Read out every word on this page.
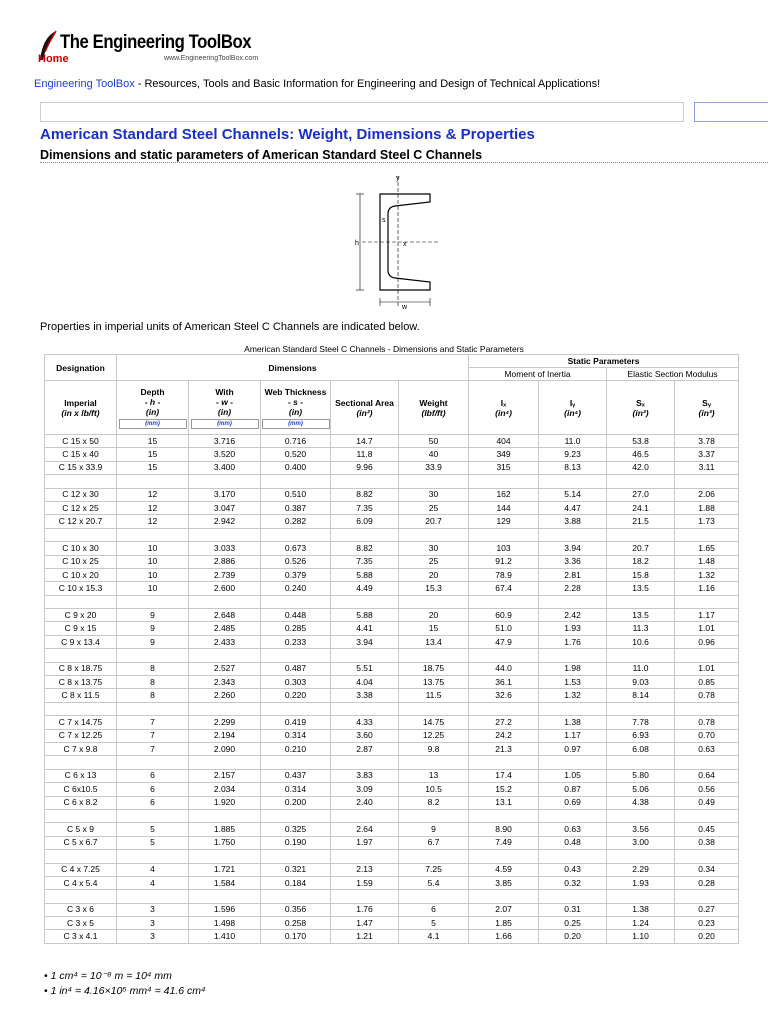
The Engineering ToolBox
www.EngineeringToolBox.com
Home
Engineering ToolBox - Resources, Tools and Basic Information for Engineering and Design of Technical Applications!
American Standard Steel Channels: Weight, Dimensions & Properties
Dimensions and static parameters of American Standard Steel C Channels
y
x
s
h
w
Properties in imperial units of American Steel C Channels are indicated below.
American Standard Steel C Channels - Dimensions and Static Parameters
Designation	Dimensions					Static Parameters			
						Moment of Inertia		Elastic Section Modulus	
Imperial
(in x lb/ft)	Depth
- h -
(in)
(mm)	With
- w -
(in)
(mm)	Web Thickness
- s -
(in)
(mm)	Sectional Area
(in²)	Weight
(lbf/ft)	Iₓ
(in⁴)	Iᵧ
(in⁴)	Sₓ
(in³)	Sᵧ
(in³)
C 15 x 50	15	3.716	0.716	14.7	50	404	11.0	53.8	3.78
C 15 x 40	15	3.520	0.520	11.8	40	349	9.23	46.5	3.37
C 15 x 33.9	15	3.400	0.400	9.96	33.9	315	8.13	42.0	3.11

C 12 x 30	12	3.170	0.510	8.82	30	162	5.14	27.0	2.06
C 12 x 25	12	3.047	0.387	7.35	25	144	4.47	24.1	1.88
C 12 x 20.7	12	2.942	0.282	6.09	20.7	129	3.88	21.5	1.73

C 10 x 30	10	3.033	0.673	8.82	30	103	3.94	20.7	1.65
C 10 x 25	10	2.886	0.526	7.35	25	91.2	3.36	18.2	1.48
C 10 x 20	10	2.739	0.379	5.88	20	78.9	2.81	15.8	1.32
C 10 x 15.3	10	2.600	0.240	4.49	15.3	67.4	2.28	13.5	1.16

C 9 x 20	9	2.648	0.448	5.88	20	60.9	2.42	13.5	1.17
C 9 x 15	9	2.485	0.285	4.41	15	51.0	1.93	11.3	1.01
C 9 x 13.4	9	2.433	0.233	3.94	13.4	47.9	1.76	10.6	0.96

C 8 x 18.75	8	2.527	0.487	5.51	18.75	44.0	1.98	11.0	1.01
C 8 x 13.75	8	2.343	0.303	4.04	13.75	36.1	1.53	9.03	0.85
C 8 x 11.5	8	2.260	0.220	3.38	11.5	32.6	1.32	8.14	0.78

C 7 x 14.75	7	2.299	0.419	4.33	14.75	27.2	1.38	7.78	0.78
C 7 x 12.25	7	2.194	0.314	3.60	12.25	24.2	1.17	6.93	0.70
C 7 x 9.8	7	2.090	0.210	2.87	9.8	21.3	0.97	6.08	0.63

C 6 x 13	6	2.157	0.437	3.83	13	17.4	1.05	5.80	0.64
C 6x10.5	6	2.034	0.314	3.09	10.5	15.2	0.87	5.06	0.56
C 6 x 8.2	6	1.920	0.200	2.40	8.2	13.1	0.69	4.38	0.49

C 5 x 9	5	1.885	0.325	2.64	9	8.90	0.63	3.56	0.45
C 5 x 6.7	5	1.750	0.190	1.97	6.7	7.49	0.48	3.00	0.38

C 4 x 7.25	4	1.721	0.321	2.13	7.25	4.59	0.43	2.29	0.34
C 4 x 5.4	4	1.584	0.184	1.59	5.4	3.85	0.32	1.93	0.28

C 3 x 6	3	1.596	0.356	1.76	6	2.07	0.31	1.38	0.27
C 3 x 5	3	1.498	0.258	1.47	5	1.85	0.25	1.24	0.23
C 3 x 4.1	3	1.410	0.170	1.21	4.1	1.66	0.20	1.10	0.20
• 1 cm⁴ = 10⁻⁸ m = 10⁴ mm
• 1 in⁴ = 4.16×10⁵ mm⁴ = 41.6 cm⁴
